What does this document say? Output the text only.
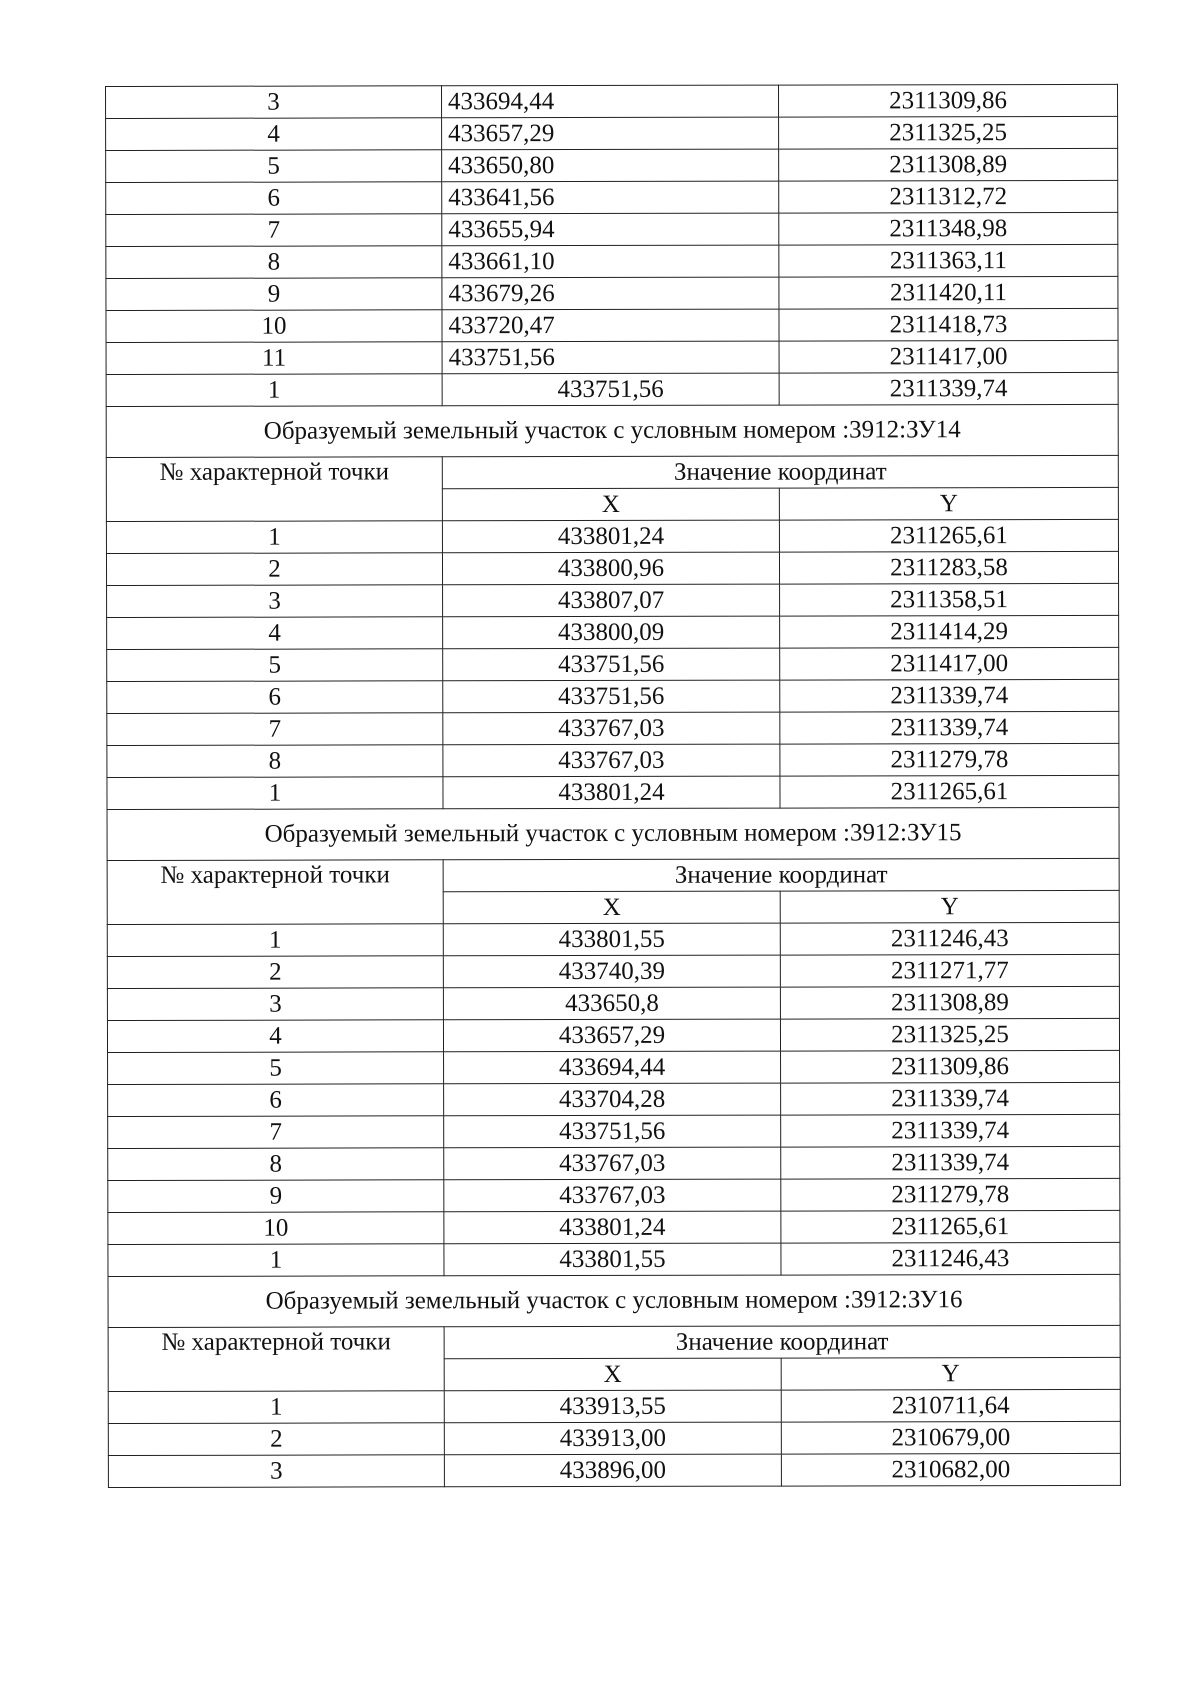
3	433694,44	2311309,86
4	433657,29	2311325,25
5	433650,80	2311308,89
6	433641,56	2311312,72
7	433655,94	2311348,98
8	433661,10	2311363,11
9	433679,26	2311420,11
10	433720,47	2311418,73
11	433751,56	2311417,00
1	433751,56	2311339,74
Образуемый земельный участок с условным номером :3912:ЗУ14		
№ характерной точки	Значение координат	
	X	Y
1	433801,24	2311265,61
2	433800,96	2311283,58
3	433807,07	2311358,51
4	433800,09	2311414,29
5	433751,56	2311417,00
6	433751,56	2311339,74
7	433767,03	2311339,74
8	433767,03	2311279,78
1	433801,24	2311265,61
Образуемый земельный участок с условным номером :3912:ЗУ15		
№ характерной точки	Значение координат	
	X	Y
1	433801,55	2311246,43
2	433740,39	2311271,77
3	433650,8	2311308,89
4	433657,29	2311325,25
5	433694,44	2311309,86
6	433704,28	2311339,74
7	433751,56	2311339,74
8	433767,03	2311339,74
9	433767,03	2311279,78
10	433801,24	2311265,61
1	433801,55	2311246,43
Образуемый земельный участок с условным номером :3912:ЗУ16		
№ характерной точки	Значение координат	
	X	Y
1	433913,55	2310711,64
2	433913,00	2310679,00
3	433896,00	2310682,00
